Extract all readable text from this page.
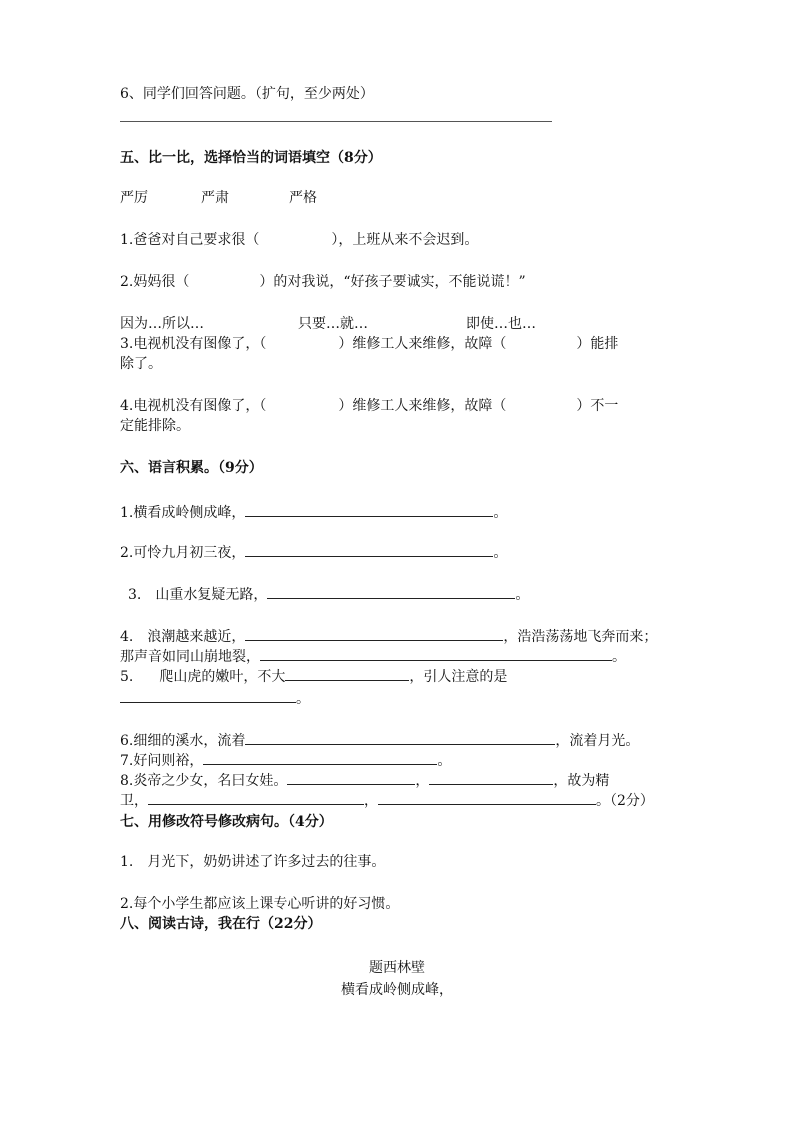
6、同学们回答问题。（扩句，至少两处）
五、比一比，选择恰当的词语填空（8分）
严厉	严肃	严格
1.爸爸对自己要求很（	），上班从来不会迟到。
2.妈妈很（	）的对我说，“好孩子要诚实，不能说谎！”
因为…所以…	只要…就…	即使…也…
3.电视机没有图像了，（	）维修工人来维修，故障（	）能排
除了。
4.电视机没有图像了，（	）维修工人来维修，故障（	）不一
定能排除。
六、语言积累。（9分）
1.横看成岭侧成峰，	。
2.可怜九月初三夜，	。
3.　山重水复疑无路，	。
4.　浪潮越来越近，	，浩浩荡荡地飞奔而来；
那声音如同山崩地裂，	。
5. 爬山虎的嫩叶，不大	，引人注意的是
。
6.细细的溪水，流着	，流着月光。
7.好问则裕，	。
8.炎帝之少女，名曰女娃。	，	，故为精
卫，	，	。（2分）
七、用修改符号修改病句。（4分）
1.　月光下，奶奶讲述了许多过去的往事。
2.每个小学生都应该上课专心听讲的好习惯。
八、阅读古诗，我在行（22分）
题西林壁
横看成岭侧成峰，
